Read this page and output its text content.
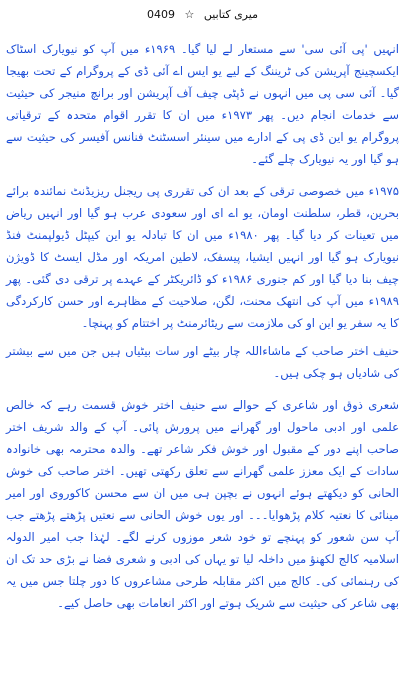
میری کتابیں ☆ 0409

انہیں 'پی آئی سی' سے مستعار لے لیا گیا۔ ۱۹۶۹ء میں آپ کو نیویارک اسٹاک ایکسچینج آپریشن کی ٹریننگ کے لیے یو ایس اے آئی ڈی کے پروگرام کے تحت بھیجا گیا۔ آئی سی پی میں انہوں نے ڈپٹی چیف آف آپریشن اور برانچ منیجر کی حیثیت سے خدمات انجام دیں۔ پھر ۱۹۷۳ء میں ان کا تقرر اقوام متحدہ کے ترقیاتی پروگرام یو این ڈی پی کے ادارے میں سینئر اسسٹنٹ فنانس آفیسر کی حیثیت سے ہو گیا اور یہ نیویارک چلے گئے۔

۱۹۷۵ء میں خصوصی ترقی کے بعد ان کی تقرری پی ریجنل ریزیڈنٹ نمائندہ برائے بحرین، قطر، سلطنت اومان، یو اے ای اور سعودی عرب ہو گیا اور انہیں ریاض میں تعینات کر دیا گیا۔ پھر ۱۹۸۰ء میں ان کا تبادلہ یو این کیپٹل ڈیولپمنٹ فنڈ نیویارک ہو گیا اور انہیں ایشیا، پیسفک، لاطین امریکہ اور مڈل ایسٹ کا ڈویژن چیف بنا دیا گیا اور کم جنوری ۱۹۸۶ء کو ڈائریکٹر کے عہدے پر ترقی دی گئی۔ پھر ۱۹۸۹ء میں آپ کی انتھک محنت، لگن، صلاحیت کے مظاہرے اور حسن کارکردگی کا یہ سفر یو این او کی ملازمت سے ریٹائرمنٹ پر اختتام کو پہنچا۔

حنیف اختر صاحب کے ماشاءاللہ چار بیٹے اور سات بیٹیاں ہیں جن میں سے بیشتر کی شادیاں ہو چکی ہیں۔

شعری ذوق اور شاعری کے حوالے سے حنیف اختر خوش قسمت رہے کہ خالص علمی اور ادبی ماحول اور گھرانے میں پرورش پائی۔ آپ کے والد شریف اختر صاحب اپنے دور کے مقبول اور خوش فکر شاعر تھے۔ والدہ محترمہ بھی خانوادہ سادات کے ایک معزز علمی گھرانے سے تعلق رکھتی تھیں۔ اختر صاحب کی خوش الحانی کو دیکھتے ہوئے انہوں نے بچپن ہی میں ان سے محسن کاکوروی اور امیر مینائی کا نعتیہ کلام پڑھوایا۔۔۔ اور یوں خوش الحانی سے نعتیں پڑھتے پڑھتے جب آپ سن شعور کو پہنچے تو خود شعر موزوں کرنے لگے۔ لہٰذا جب امیر الدولہ اسلامیہ کالج لکھنؤ میں داخلہ لیا تو یہاں کی ادبی و شعری فضا نے بڑی حد تک ان کی رہنمائی کی۔ کالج میں اکثر مقابلہ طرحی مشاعروں کا دور چلتا جس میں یہ بھی شاعر کی حیثیت سے شریک ہوتے اور اکثر انعامات بھی حاصل کیے۔
